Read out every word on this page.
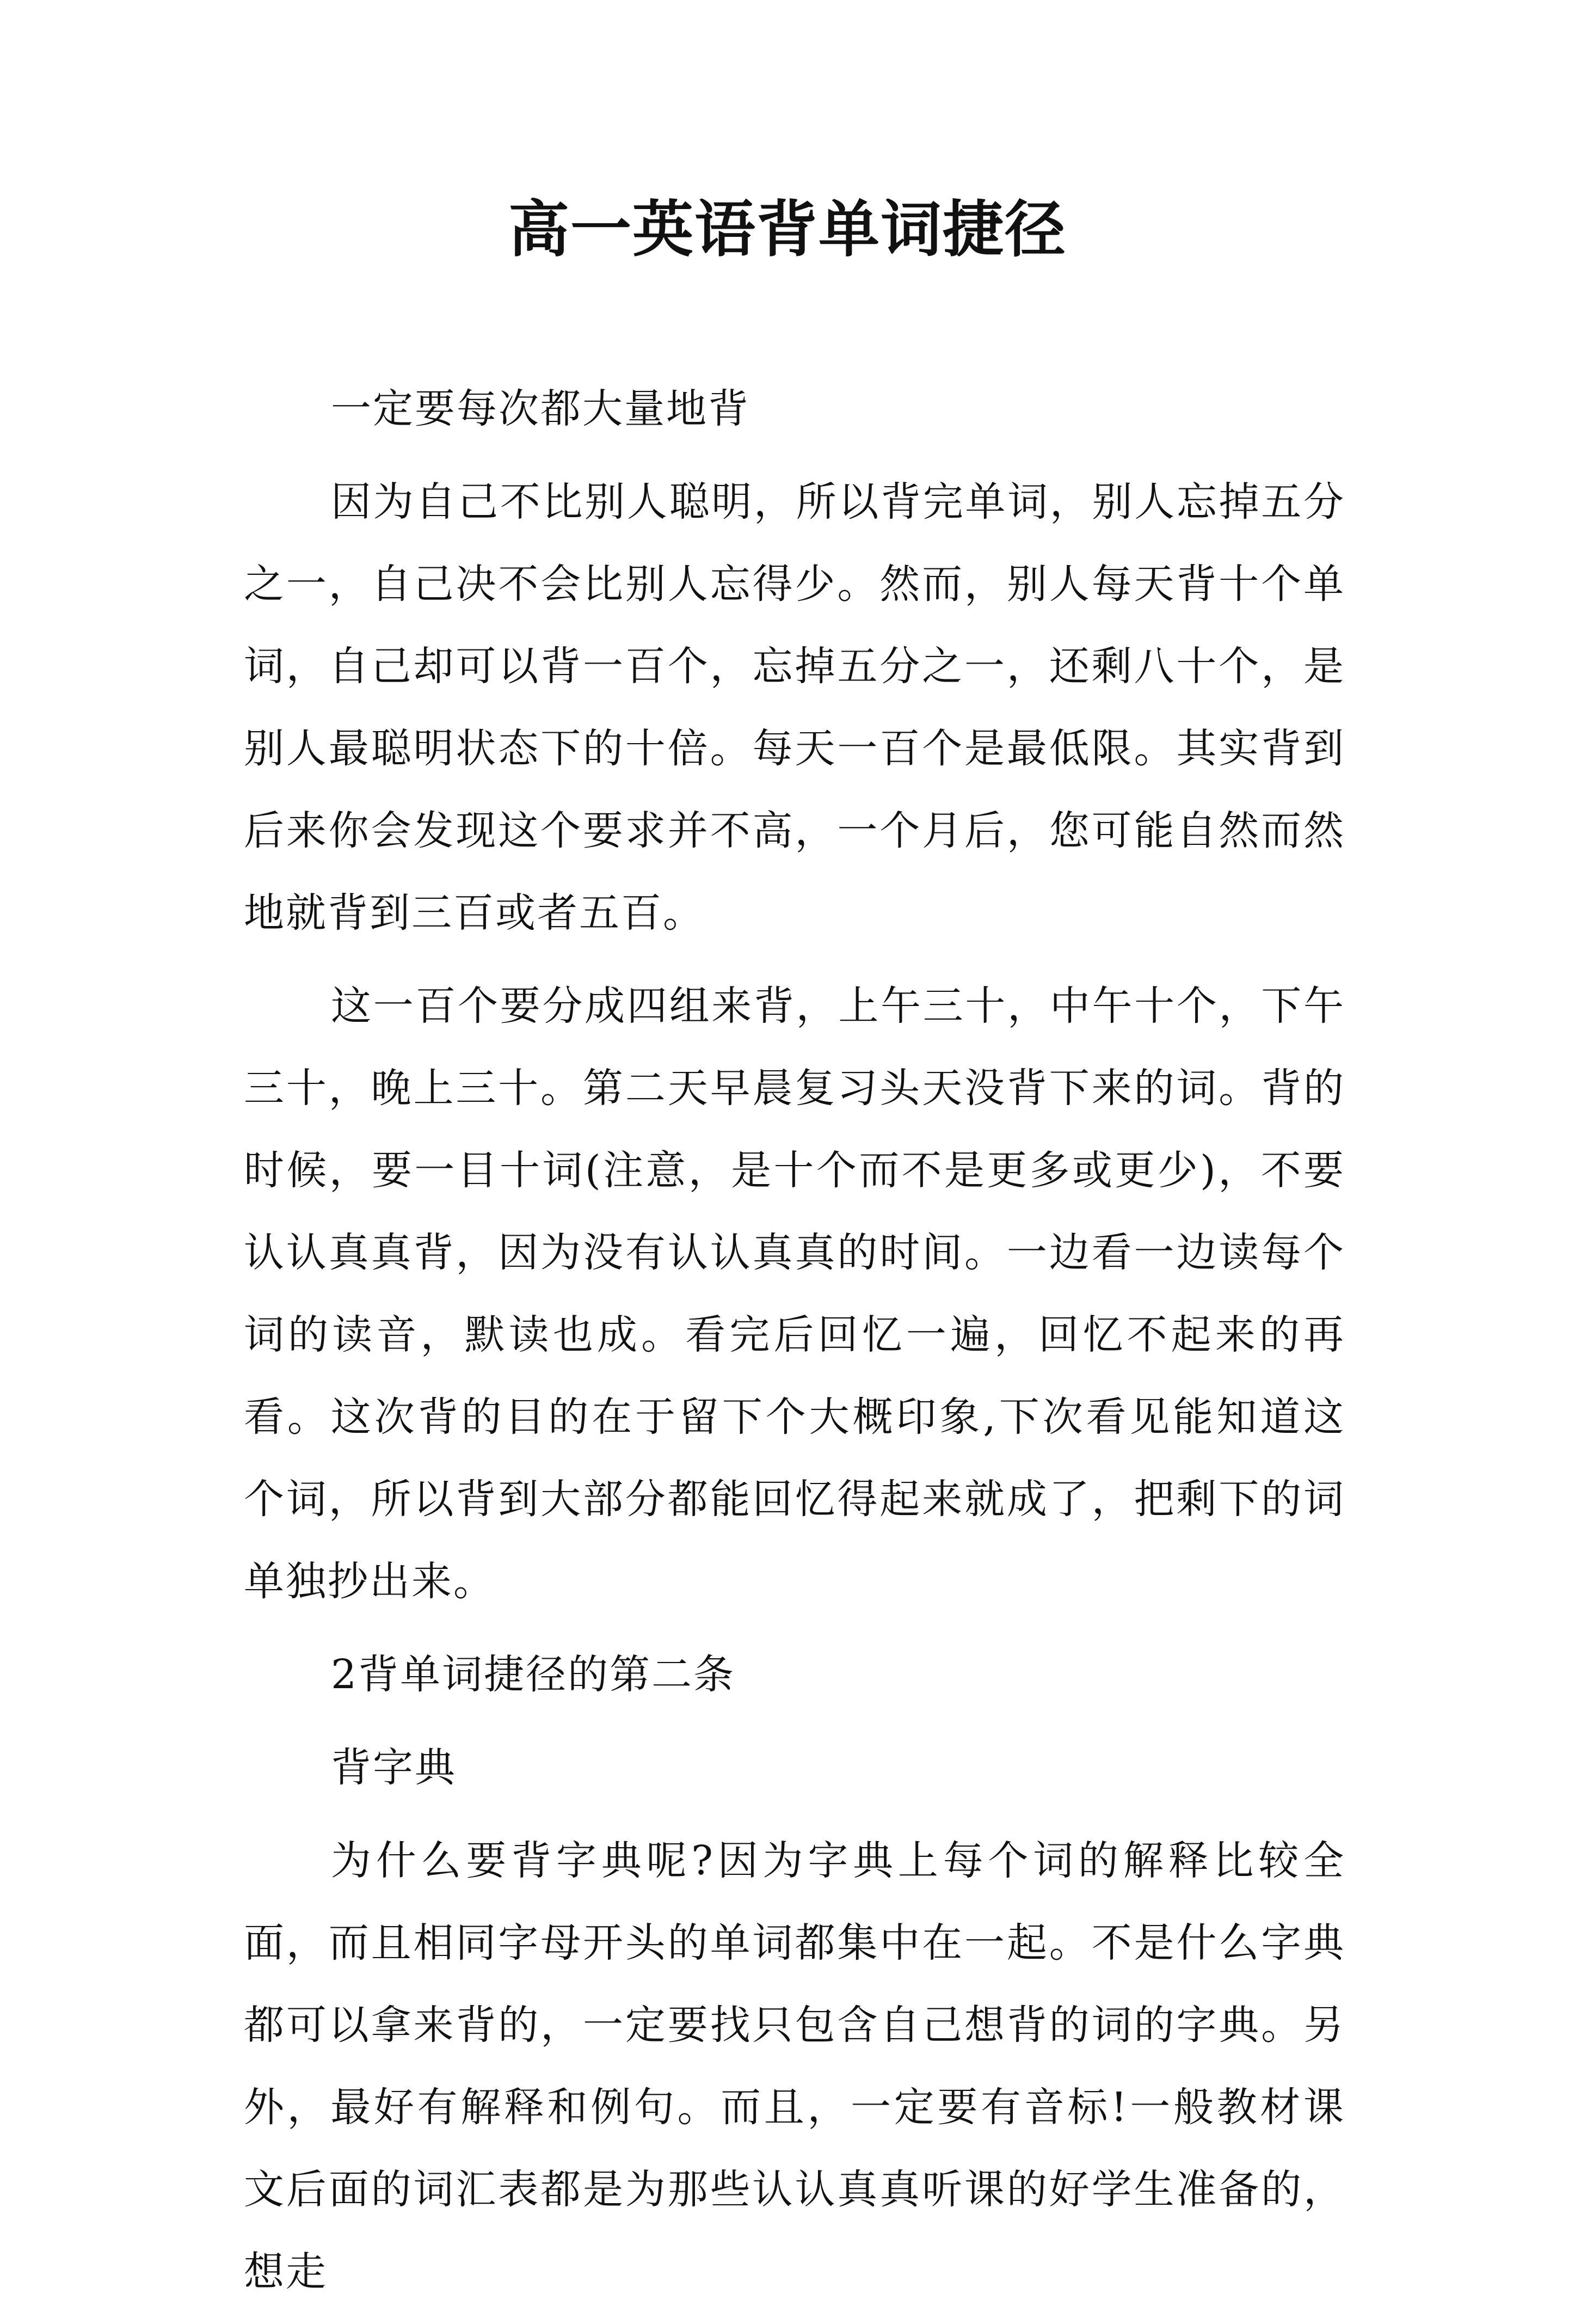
高一英语背单词捷径

一定要每次都大量地背

因为自己不比别人聪明，所以背完单词，别人忘掉五分之一，自己决不会比别人忘得少。然而，别人每天背十个单词，自己却可以背一百个，忘掉五分之一，还剩八十个，是别人最聪明状态下的十倍。每天一百个是最低限。其实背到后来你会发现这个要求并不高，一个月后，您可能自然而然地就背到三百或者五百。

这一百个要分成四组来背，上午三十，中午十个，下午三十，晚上三十。第二天早晨复习头天没背下来的词。背的时候，要一目十词(注意，是十个而不是更多或更少)，不要认认真真背，因为没有认认真真的时间。一边看一边读每个词的读音，默读也成。看完后回忆一遍，回忆不起来的再看。这次背的目的在于留下个大概印象,下次看见能知道这个词，所以背到大部分都能回忆得起来就成了，把剩下的词单独抄出来。

2背单词捷径的第二条

背字典

为什么要背字典呢?因为字典上每个词的解释比较全面，而且相同字母开头的单词都集中在一起。不是什么字典都可以拿来背的，一定要找只包含自己想背的词的字典。另外，最好有解释和例句。而且，一定要有音标!一般教材课文后面的词汇表都是为那些认认真真听课的好学生准备的，想走
